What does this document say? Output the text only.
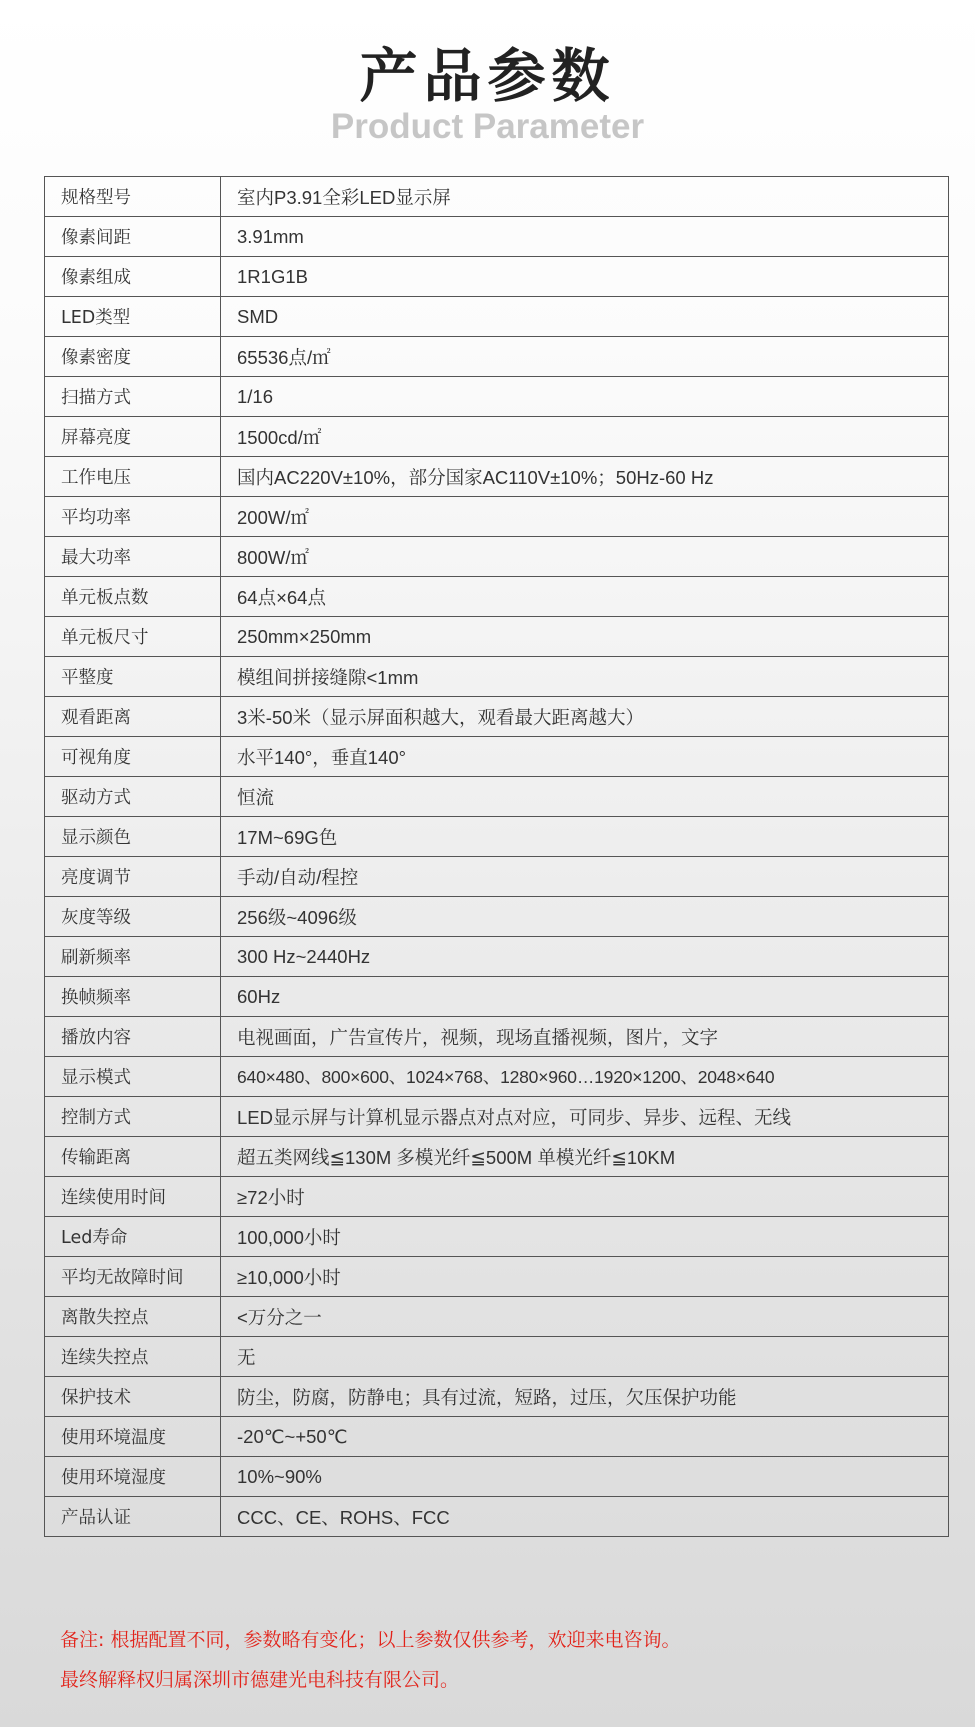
产品参数
Product Parameter
规格型号	室内P3.91全彩LED显示屏
像素间距	3.91mm
像素组成	1R1G1B
LED类型	SMD
像素密度	65536点/㎡
扫描方式	1/16
屏幕亮度	1500cd/㎡
工作电压	国内AC220V±10%，部分国家AC110V±10%；50Hz-60 Hz
平均功率	200W/㎡
最大功率	800W/㎡
单元板点数	64点×64点
单元板尺寸	250mm×250mm
平整度	模组间拼接缝隙<1mm
观看距离	3米-50米（显示屏面积越大，观看最大距离越大）
可视角度	水平140°，垂直140°
驱动方式	恒流
显示颜色	17M~69G色
亮度调节	手动/自动/程控
灰度等级	256级~4096级
刷新频率	300 Hz~2440Hz
换帧频率	60Hz
播放内容	电视画面，广告宣传片，视频，现场直播视频，图片，文字
显示模式	640×480、800×600、1024×768、1280×960…1920×1200、2048×640
控制方式	LED显示屏与计算机显示器点对点对应，可同步、异步、远程、无线
传输距离	超五类网线≦130M 多模光纤≦500M 单模光纤≦10KM
连续使用时间	≥72小时
Led寿命	100,000小时
平均无故障时间	≥10,000小时
离散失控点	<万分之一
连续失控点	无
保护技术	防尘，防腐，防静电；具有过流，短路，过压，欠压保护功能
使用环境温度	-20℃~+50℃
使用环境湿度	10%~90%
产品认证	CCC、CE、ROHS、FCC
备注: 根据配置不同，参数略有变化；以上参数仅供参考，欢迎来电咨询。
最终解释权归属深圳市德建光电科技有限公司。
